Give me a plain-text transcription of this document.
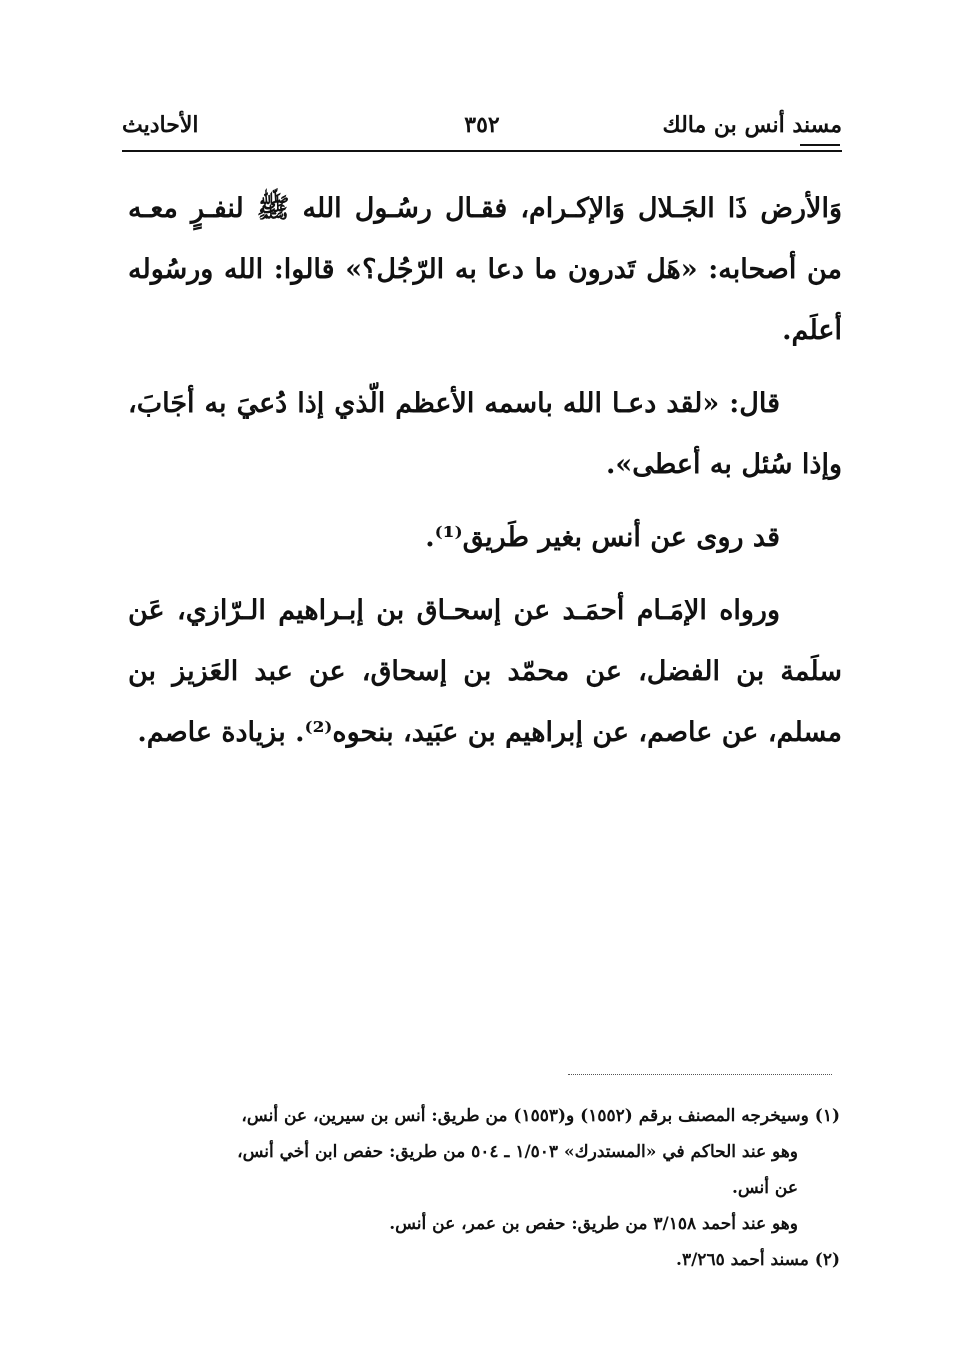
مسند أنس بن مالك
٣٥٢
الأحاديث

وَالأرض ذَا الجَـلال وَالإكـرام، فقـال رسُـول الله ﷺ لنفـرٍ معـه من أصحابه: «هَل تَدرون ما دعا به الرّجُل؟» قالوا: الله ورسُوله أعلَم.

قال: «لقد دعـا الله باسمه الأعظم الّذي إذا دُعيَ به أجَابَ، وإذا سُئل به أعطى».

قد روى عن أنس بغير طَريق⁽¹⁾.

ورواه الإمَـام أحمَـد عن إسحـاق بن إبـراهيم الـرّازي، عَن سلَمة بن الفضل، عن محمّد بن إسحاق، عن عبد العَزيز بن مسلم، عن عاصم، عن إبراهيم بن عبَيد، بنحوه⁽²⁾. بزيادة عاصم.

(١) وسيخرجه المصنف برقم (١٥٥٢) و(١٥٥٣) من طريق: أنس بن سيرين، عن أنس،

وهو عند الحاكم في «المستدرك» ١/٥٠٣ ـ ٥٠٤ من طريق: حفص ابن أخي أنس،

عن أنس.

وهو عند أحمد ٣/١٥٨ من طريق: حفص بن عمر، عن أنس.

(٢) مسند أحمد ٣/٢٦٥.
